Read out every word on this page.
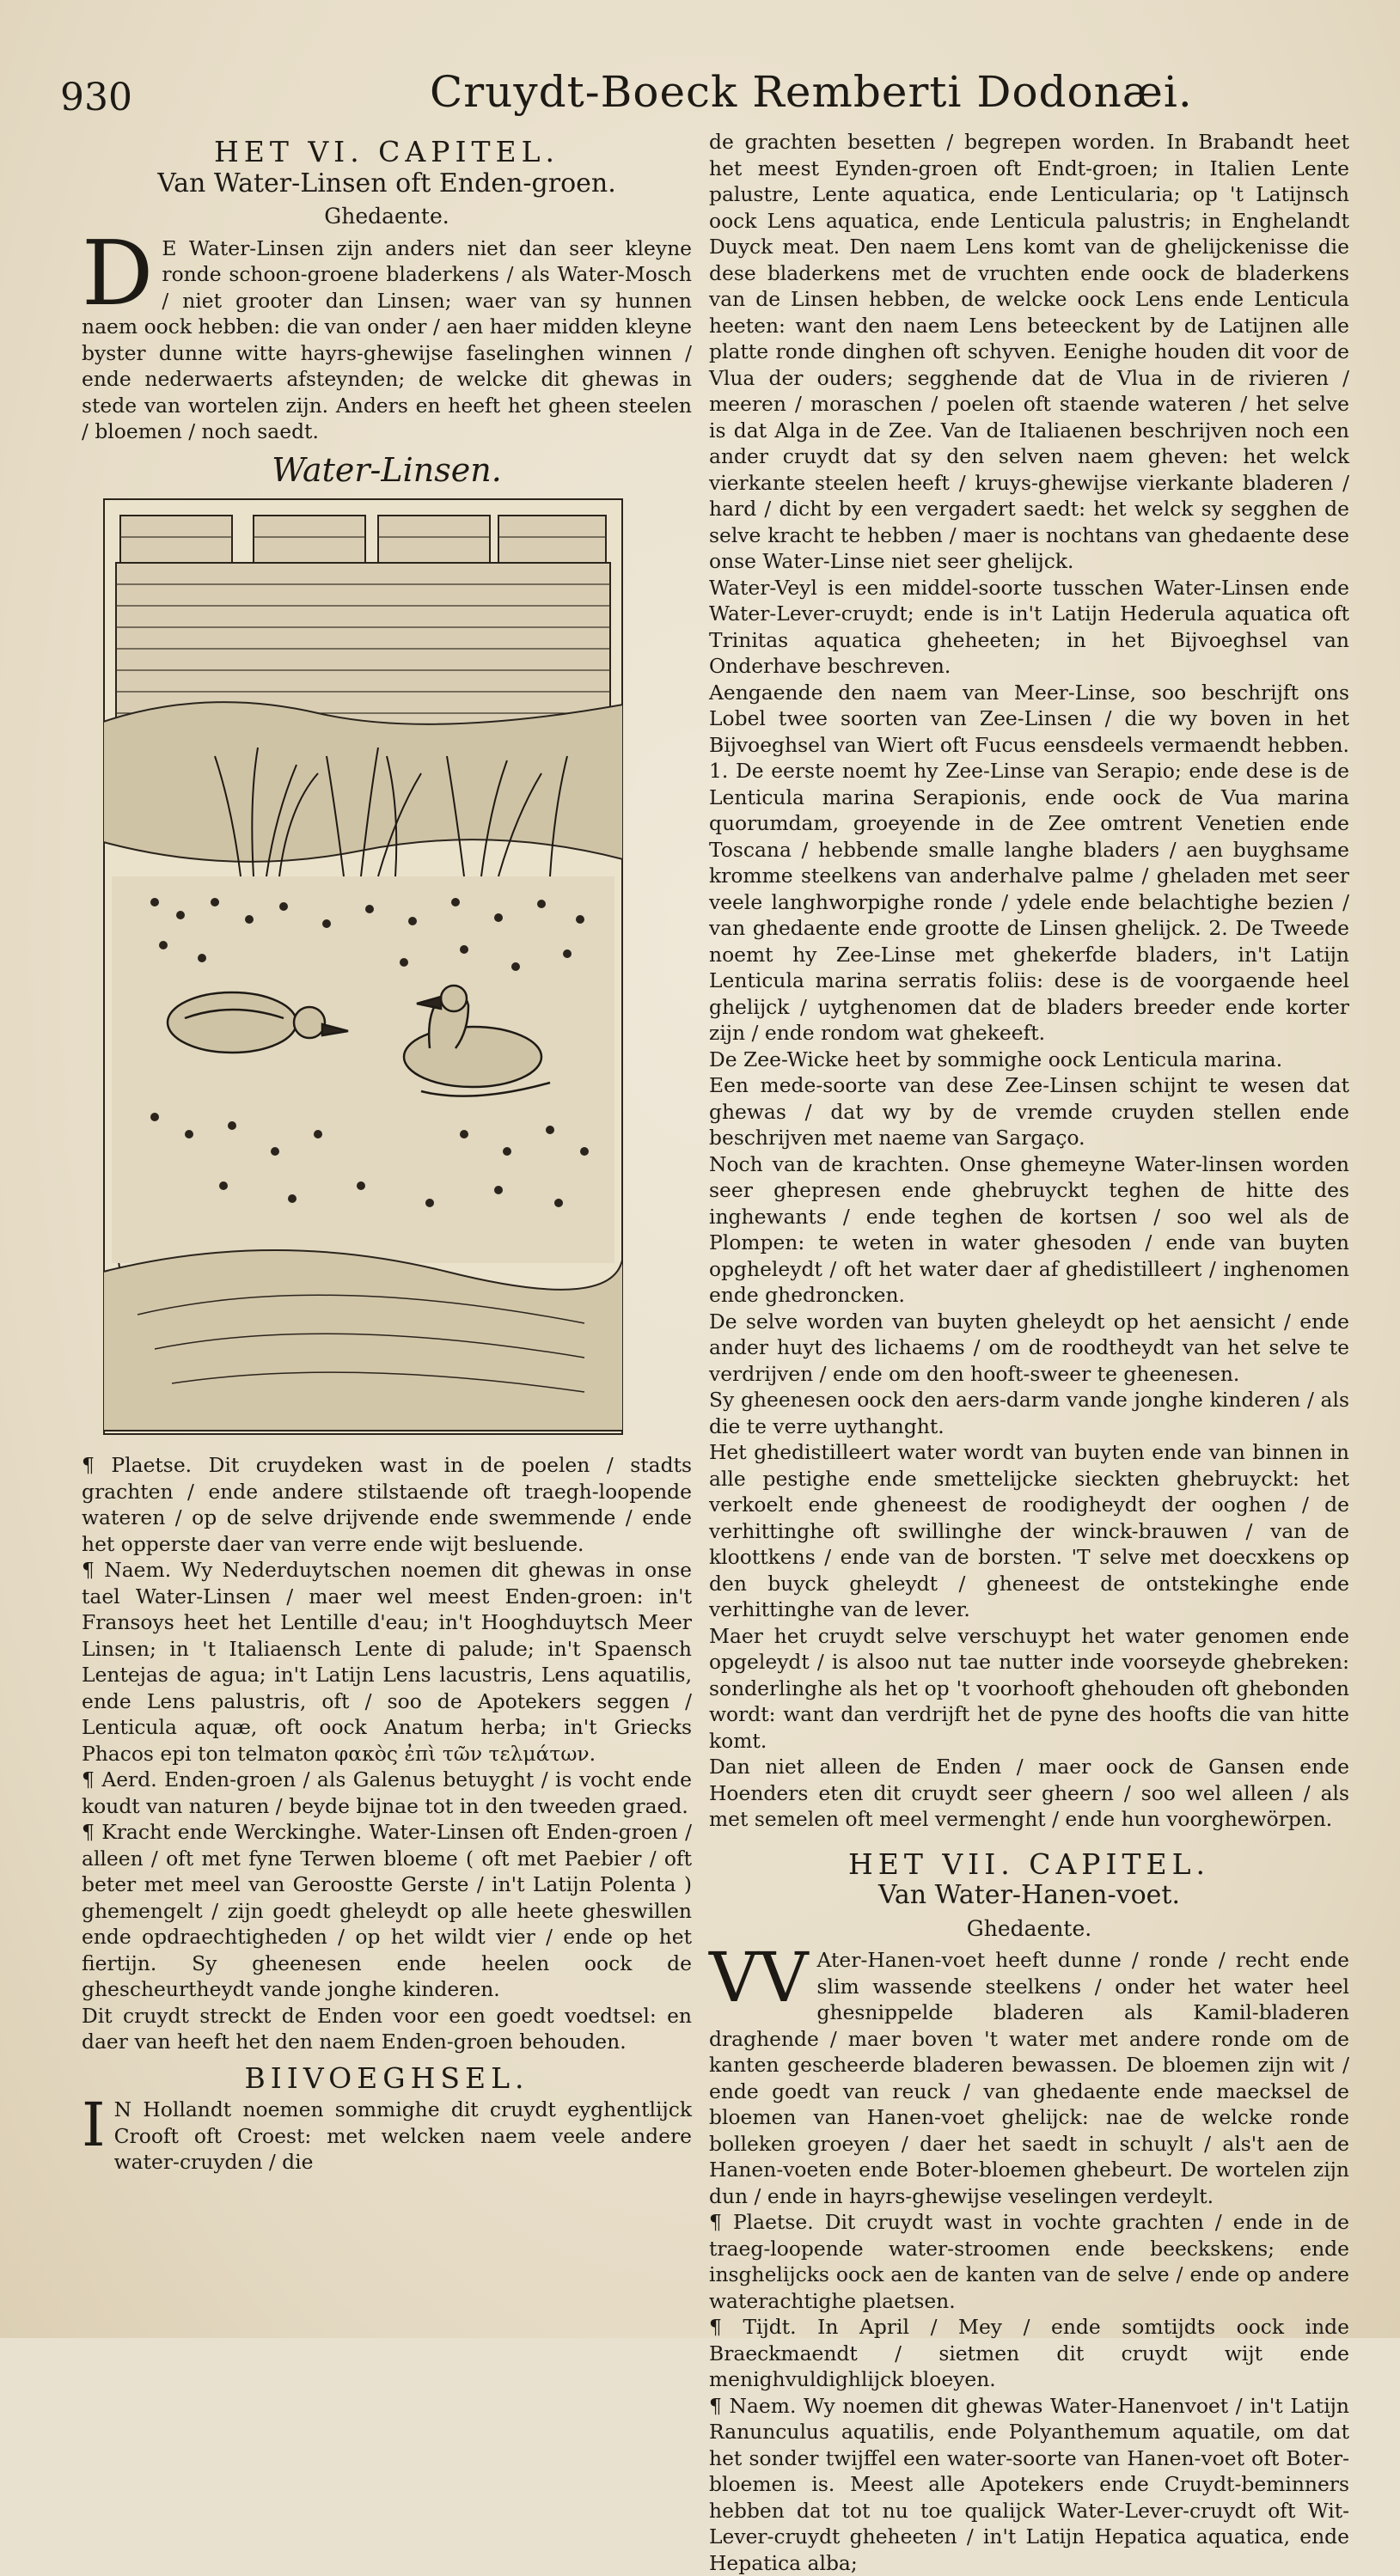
930	Cruydt-Boeck Remberti Dodonæi.
HET VI. CAPITEL.
Van Water-Linsen oft Enden-groen.
Ghedaente.

D E Water-Linsen zijn anders niet dan seer kleyne ronde schoon-groene bladerkens / als Water-Mosch / niet grooter dan Linsen; waer van sy hunnen naem oock hebben: die van onder / aen haer midden kleyne byster dunne witte hayrs-ghewijse faselinghen winnen / ende nederwaerts afsteynden; de welcke dit ghewas in stede van wortelen zijn. Anders en heeft het gheen steelen / bloemen / noch saedt.

Water-Linsen.

¶ Plaetse. Dit cruydeken wast in de poelen / stadts grachten / ende andere stilstaende oft traegh-loopende wateren / op de selve drijvende ende swemmende / ende het opperste daer van verre ende wijt besluende.

¶ Naem. Wy Nederduytschen noemen dit ghewas in onse tael Water-Linsen / maer wel meest Enden-groen: in't Fransoys heet het Lentille d'eau; in't Hooghduytsch Meer Linsen; in 't Italiaensch Lente di palude; in't Spaensch Lentejas de agua; in't Latijn Lens lacustris, Lens aquatilis, ende Lens palustris, oft / soo de Apotekers seggen / Lenticula aquæ, oft oock Anatum herba; in't Griecks Phacos epi ton telmaton φακὸς ἐπὶ τῶν τελμάτων.

¶ Aerd. Enden-groen / als Galenus betuyght / is vocht ende koudt van naturen / beyde bijnae tot in den tweeden graed.

¶ Kracht ende Werckinghe. Water-Linsen oft Enden-groen / alleen / oft met fyne Terwen bloeme ( oft met Paebier / oft beter met meel van Geroostte Gerste / in't Latijn Polenta ) ghemengelt / zijn goedt gheleydt op alle heete gheswillen ende opdraechtigheden / op het wildt vier / ende op het fiertijn. Sy gheenesen ende heelen oock de ghescheurtheydt vande jonghe kinderen.

Dit cruydt streckt de Enden voor een goedt voedtsel: en daer van heeft het den naem Enden-groen behouden.

BIIVOEGHSEL.

I N Hollandt noemen sommighe dit cruydt eyghentlijck Crooft oft Croest: met welcken naem veele andere water-cruyden / die

de grachten besetten / begrepen worden. In Brabandt heet het meest Eynden-groen oft Endt-groen; in Italien Lente palustre, Lente aquatica, ende Lenticularia; op 't Latijnsch oock Lens aquatica, ende Lenticula palustris; in Enghelandt Duyck meat. Den naem Lens komt van de ghelijckenisse die dese bladerkens met de vruchten ende oock de bladerkens van de Linsen hebben, de welcke oock Lens ende Lenticula heeten: want den naem Lens beteeckent by de Latijnen alle platte ronde dinghen oft schyven. Eenighe houden dit voor de Vlua der ouders; segghende dat de Vlua in de rivieren / meeren / moraschen / poelen oft staende wateren / het selve is dat Alga in de Zee. Van de Italiaenen beschrijven noch een ander cruydt dat sy den selven naem gheven: het welck vierkante steelen heeft / kruys-ghewijse vierkante bladeren / hard / dicht by een vergadert saedt: het welck sy segghen de selve kracht te hebben / maer is nochtans van ghedaente dese onse Water-Linse niet seer ghelijck.

Water-Veyl is een middel-soorte tusschen Water-Linsen ende Water-Lever-cruydt; ende is in't Latijn Hederula aquatica oft Trinitas aquatica gheheeten; in het Bijvoeghsel van Onderhave beschreven.

Aengaende den naem van Meer-Linse, soo beschrijft ons Lobel twee soorten van Zee-Linsen / die wy boven in het Bijvoeghsel van Wiert oft Fucus eensdeels vermaendt hebben. 1. De eerste noemt hy Zee-Linse van Serapio; ende dese is de Lenticula marina Serapionis, ende oock de Vua marina quorumdam, groeyende in de Zee omtrent Venetien ende Toscana / hebbende smalle langhe bladers / aen buyghsame kromme steelkens van anderhalve palme / gheladen met seer veele langhworpighe ronde / ydele ende belachtighe bezien / van ghedaente ende grootte de Linsen ghelijck. 2. De Tweede noemt hy Zee-Linse met ghekerfde bladers, in't Latijn Lenticula marina serratis foliis: dese is de voorgaende heel ghelijck / uytghenomen dat de bladers breeder ende korter zijn / ende rondom wat ghekeeft.

De Zee-Wicke heet by sommighe oock Lenticula marina.

Een mede-soorte van dese Zee-Linsen schijnt te wesen dat ghewas / dat wy by de vremde cruyden stellen ende beschrijven met naeme van Sargaço.

Noch van de krachten. Onse ghemeyne Water-linsen worden seer ghepresen ende ghebruyckt teghen de hitte des inghewants / ende teghen de kortsen / soo wel als de Plompen: te weten in water ghesoden / ende van buyten opgheleydt / oft het water daer af ghedistilleert / inghenomen ende ghedroncken.

De selve worden van buyten gheleydt op het aensicht / ende ander huyt des lichaems / om de roodtheydt van het selve te verdrijven / ende om den hooft-sweer te gheenesen.

Sy gheenesen oock den aers-darm vande jonghe kinderen / als die te verre uythanght.

Het ghedistilleert water wordt van buyten ende van binnen in alle pestighe ende smettelijcke sieckten ghebruyckt: het verkoelt ende gheneest de roodigheydt der ooghen / de verhittinghe oft swillinghe der winck-brauwen / van de kloottkens / ende van de borsten. 'T selve met doecxkens op den buyck gheleydt / gheneest de ontstekinghe ende verhittinghe van de lever.

Maer het cruydt selve verschuypt het water genomen ende opgeleydt / is alsoo nut tae nutter inde voorseyde ghebreken: sonderlinghe als het op 't voorhooft ghehouden oft ghebonden wordt: want dan verdrijft het de pyne des hoofts die van hitte komt.

Dan niet alleen de Enden / maer oock de Gansen ende Hoenders eten dit cruydt seer gheern / soo wel alleen / als met semelen oft meel vermenght / ende hun voorghewörpen.

HET VII. CAPITEL.
Van Water-Hanen-voet.
Ghedaente.

VV Ater-Hanen-voet heeft dunne / ronde / recht ende slim wassende steelkens / onder het water heel ghesnippelde bladeren als Kamil-bladeren draghende / maer boven 't water met andere ronde om de kanten gescheerde bladeren bewassen. De bloemen zijn wit / ende goedt van reuck / van ghedaente ende maecksel de bloemen van Hanen-voet ghelijck: nae de welcke ronde bolleken groeyen / daer het saedt in schuylt / als't aen de Hanen-voeten ende Boter-bloemen ghebeurt. De wortelen zijn dun / ende in hayrs-ghewijse veselingen verdeylt.

¶ Plaetse. Dit cruydt wast in vochte grachten / ende in de traeg-loopende water-stroomen ende beeckskens; ende insghelijcks oock aen de kanten van de selve / ende op andere waterachtighe plaetsen.

¶ Tijdt. In April / Mey / ende somtijdts oock inde Braeckmaendt / sietmen dit cruydt wijt ende menighvuldighlijck bloeyen.

¶ Naem. Wy noemen dit ghewas Water-Hanenvoet / in't Latijn Ranunculus aquatilis, ende Polyanthemum aquatile, om dat het sonder twijffel een water-soorte van Hanen-voet oft Boter-bloemen is. Meest alle Apotekers ende Cruydt-beminners hebben dat tot nu toe qualijck Water-Lever-cruydt oft Wit-Lever-cruydt gheheeten / in't Latijn Hepatica aquatica, ende Hepatica alba;
